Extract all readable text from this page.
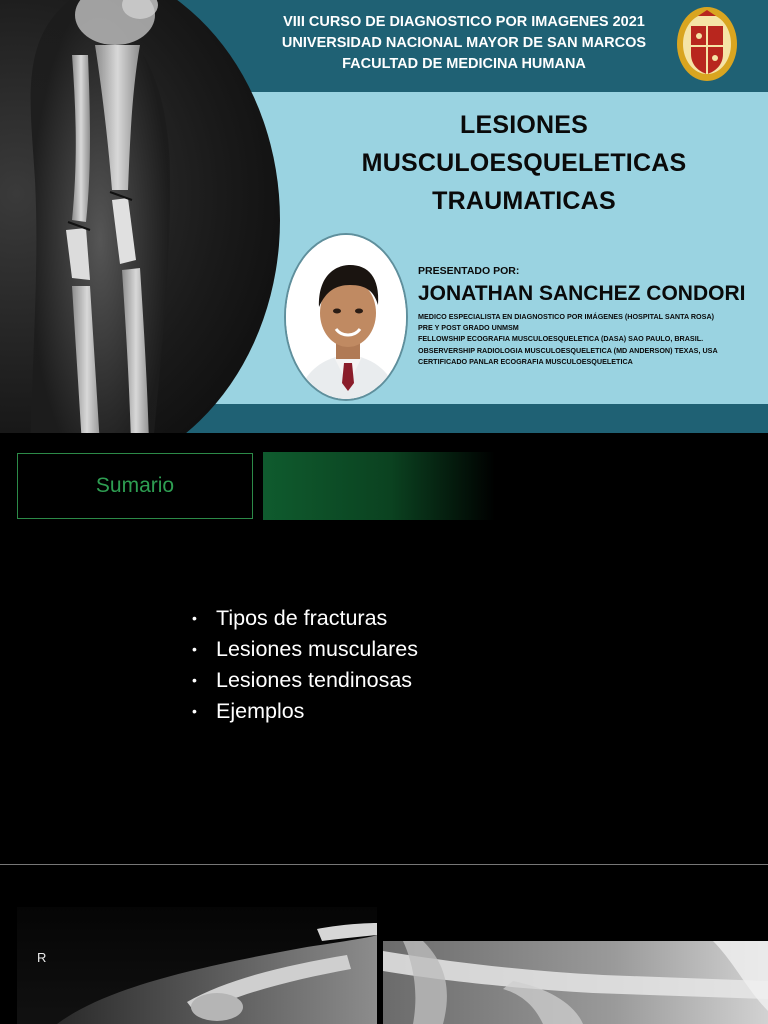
VIII CURSO DE DIAGNOSTICO POR IMAGENES 2021
UNIVERSIDAD NACIONAL MAYOR DE SAN MARCOS
FACULTAD DE MEDICINA HUMANA
LESIONES
MUSCULOESQUELETICAS
TRAUMATICAS
PRESENTADO POR:
JONATHAN SANCHEZ CONDORI
MEDICO ESPECIALISTA EN DIAGNOSTICO POR IMÁGENES (HOSPITAL SANTA ROSA)
PRE Y POST GRADO UNMSM
FELLOWSHIP ECOGRAFIA MUSCULOESQUELETICA (DASA) SAO PAULO, BRASIL.
OBSERVERSHIP RADIOLOGIA MUSCULOESQUELETICA (MD ANDERSON) TEXAS, USA
CERTIFICADO PANLAR ECOGRAFIA MUSCULOESQUELETICA
Sumario
• Tipos de fracturas
• Lesiones musculares
• Lesiones tendinosas
• Ejemplos
R
